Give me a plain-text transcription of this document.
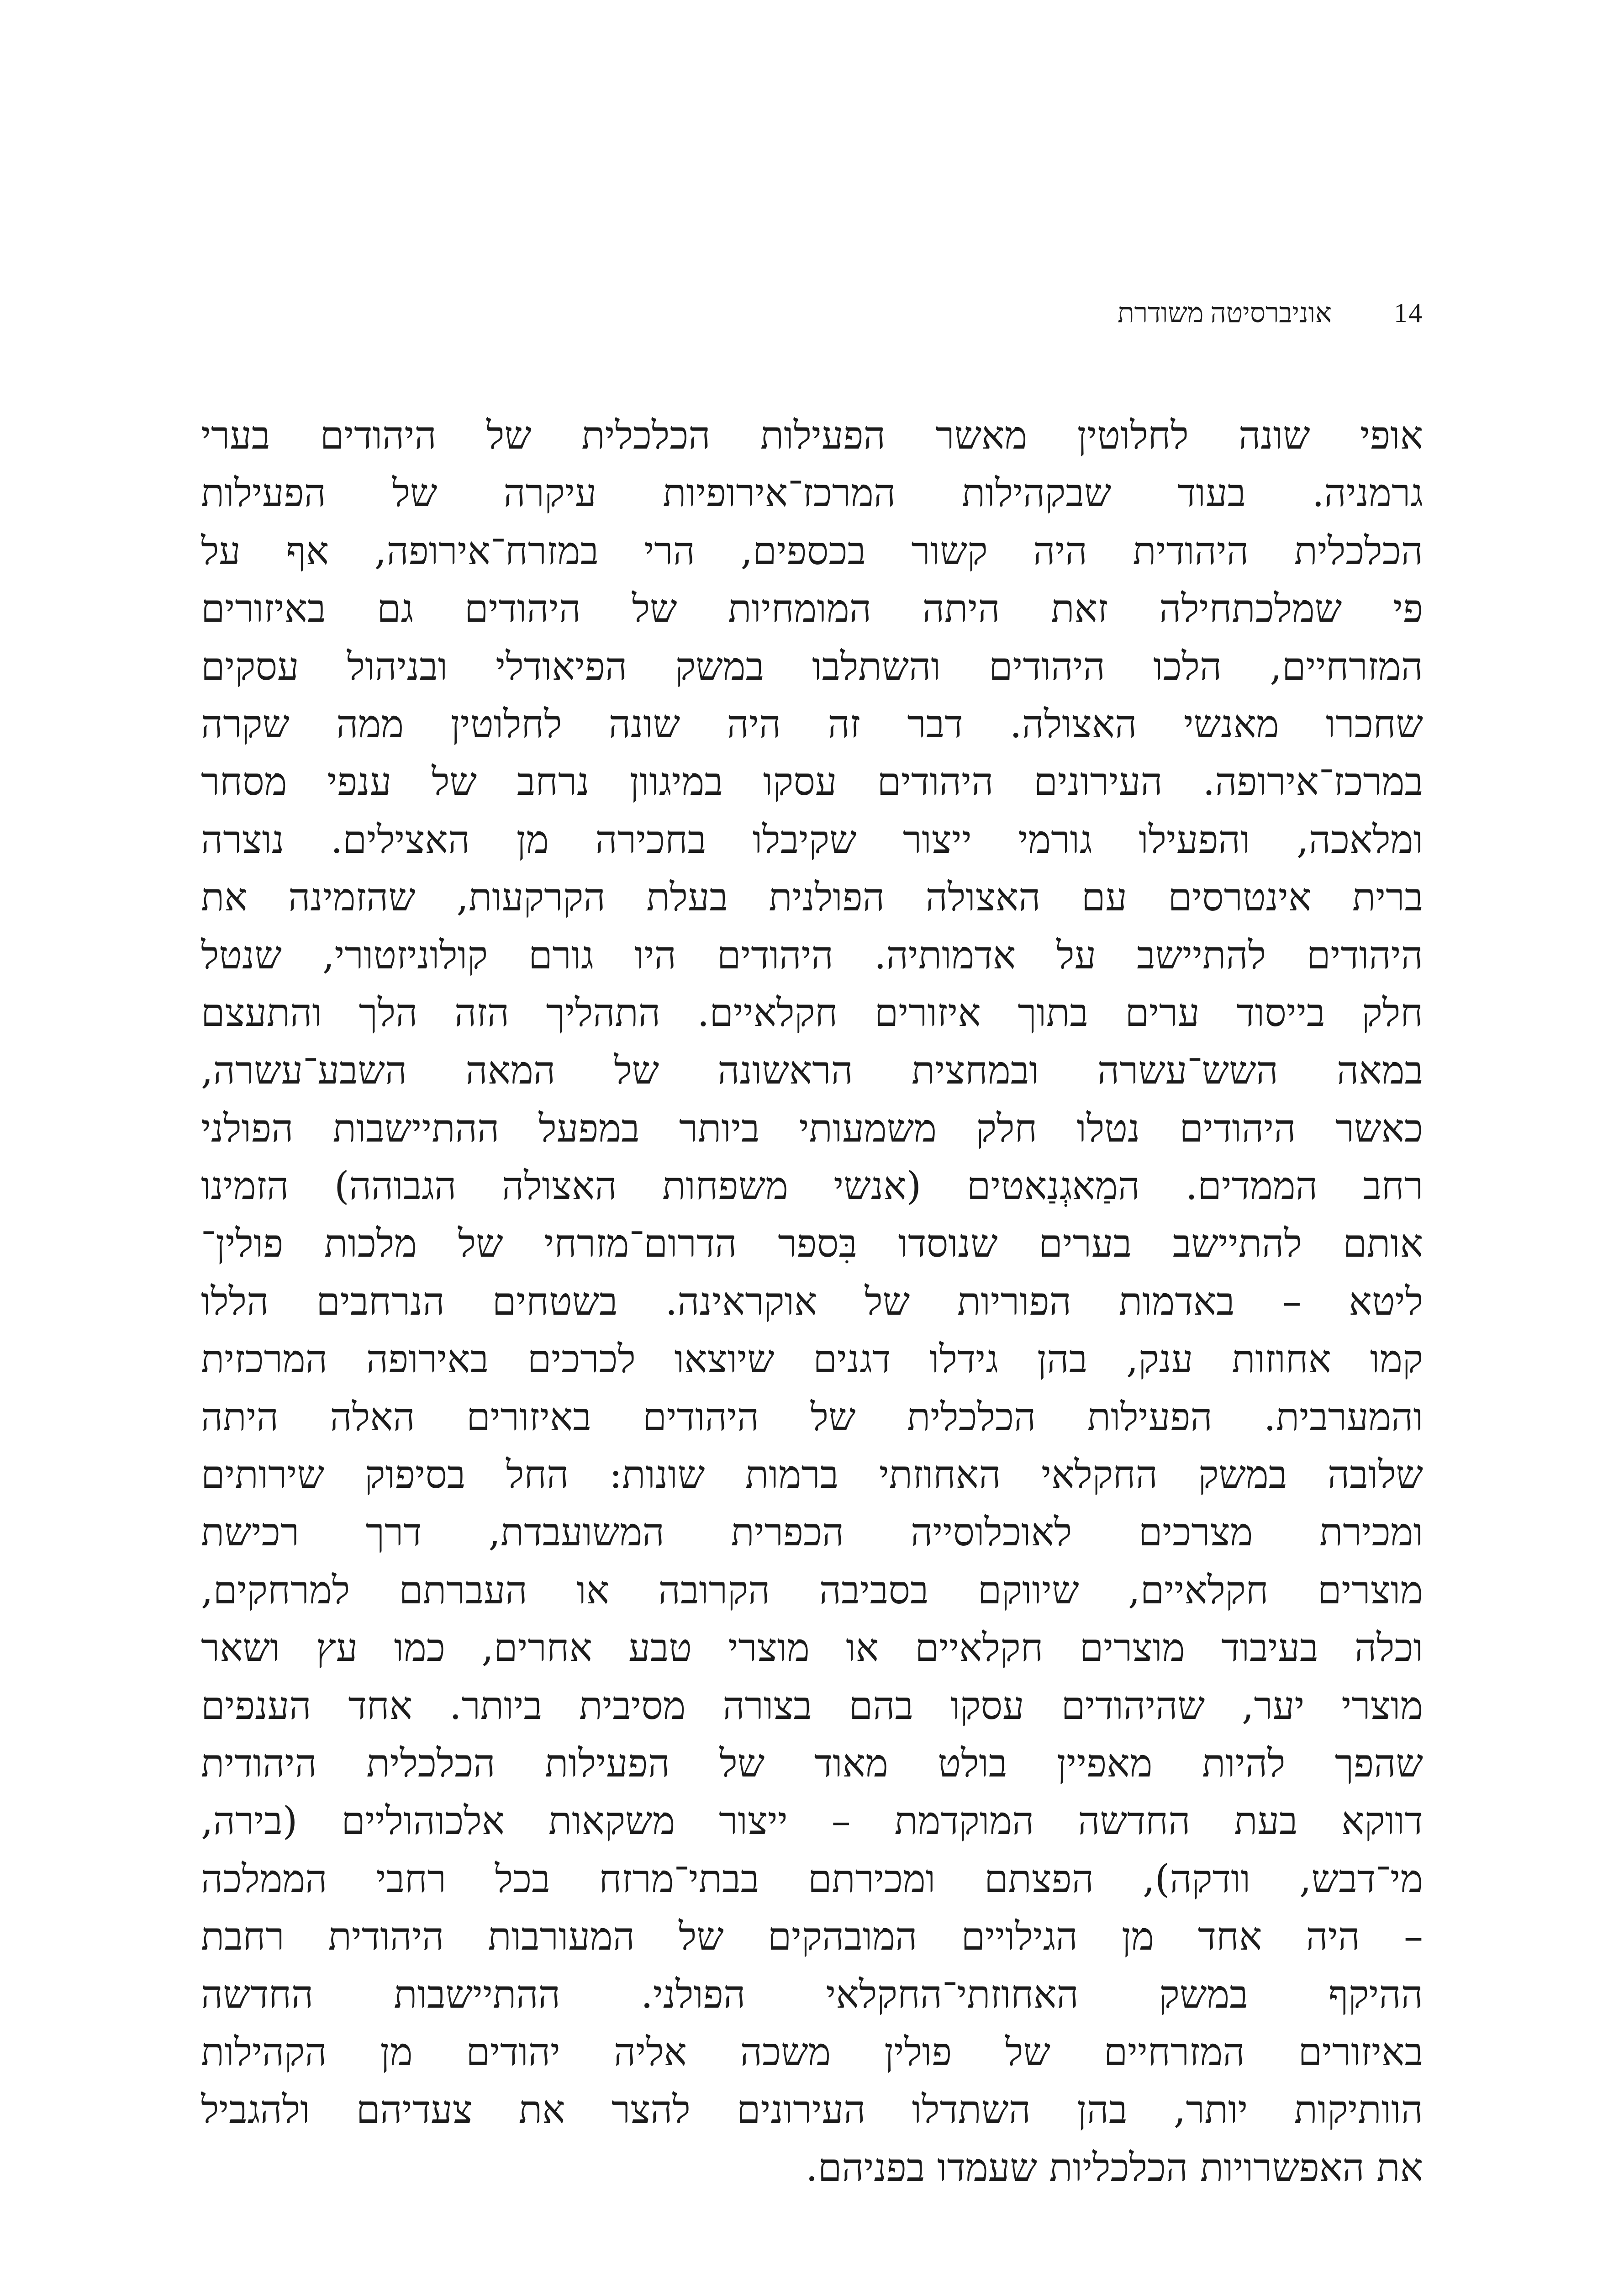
14
אוניברסיטה משודרת
אופי שונה לחלוטין מאשר הפעילות הכלכלית של היהודים בערי
גרמניה. בעוד שבקהילות המרכז־אירופיות עיקרה של הפעילות
הכלכלית היהודית היה קשור בכספים, הרי במזרח־אירופה, אף על
פי שמלכתחילה זאת היתה המומחיות של היהודים גם באיזורים
המזרחיים, הלכו היהודים והשתלבו במשק הפיאודלי ובניהול עסקים
שחכרו מאנשי האצולה. דבר זה היה שונה לחלוטין ממה שקרה
במרכז־אירופה. העירונים היהודים עסקו במיגוון נרחב של ענפי מסחר
ומלאכה, והפעילו גורמי ייצור שקיבלו בחכירה מן האצילים. נוצרה
ברית אינטרסים עם האצולה הפולנית בעלת הקרקעות, שהזמינה את
היהודים להתיישב על אדמותיה. היהודים היו גורם קולוניזטורי, שנטל
חלק בייסוד ערים בתוך איזורים חקלאיים. התהליך הזה הלך והתעצם
במאה השש־עשרה ובמחצית הראשונה של המאה השבע־עשרה,
כאשר היהודים נטלו חלק משמעותי ביותר במפעל ההתיישבות הפולני
רחב הממדים. המַאגְנַאטים (אנשי משפחות האצולה הגבוהה) הזמינו
אותם להתיישב בערים שנוסדו בִּספר הדרום־מזרחי של מלכות פולין־
ליטא – באדמות הפוריות של אוקראינה. בשטחים הנרחבים הללו
קמו אחוזות ענק, בהן גידלו דגנים שיוצאו לכרכים באירופה המרכזית
והמערבית. הפעילות הכלכלית של היהודים באיזורים האלה היתה
שלובה במשק החקלאי האחוזתי ברמות שונות: החל בסיפוק שירותים
ומכירת מצרכים לאוכלוסייה הכפרית המשועבדת, דרך רכישת
מוצרים חקלאיים, שיווקם בסביבה הקרובה או העברתם למרחקים,
וכלה בעיבוד מוצרים חקלאיים או מוצרי טבע אחרים, כמו עץ ושאר
מוצרי יער, שהיהודים עסקו בהם בצורה מסיבית ביותר. אחד הענפים
שהפך להיות מאפיין בולט מאוד של הפעילות הכלכלית היהודית
דווקא בעת החדשה המוקדמת – ייצור משקאות אלכוהוליים (בירה,
מי־דבש, וודקה), הפצתם ומכירתם בבתי־מרזח בכל רחבי הממלכה
– היה אחד מן הגילויים המובהקים של המעורבות היהודית רחבת
ההיקף במשק האחוזתי־החקלאי הפולני. ההתיישבות החדשה
באיזורים המזרחיים של פולין משכה אליה יהודים מן הקהילות
הוותיקות יותר, בהן השתדלו העירונים להצר את צעדיהם ולהגביל
את האפשרויות הכלכליות שעמדו בפניהם.
